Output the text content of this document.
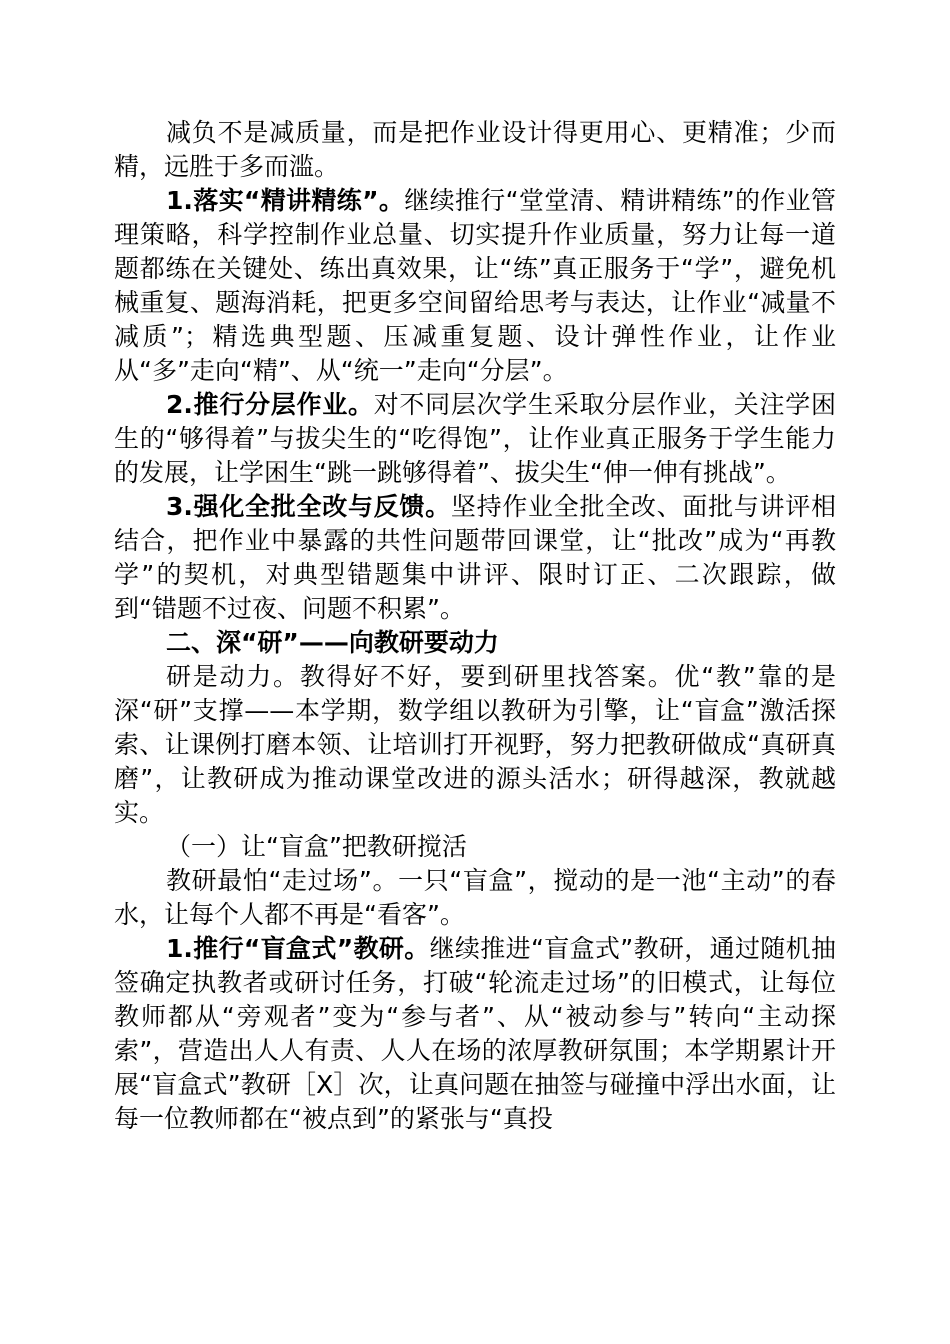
减负不是减质量，而是把作业设计得更用心、更精准；少而精，远胜于多而滥。

1.落实“精讲精练”。继续推行“堂堂清、精讲精练”的作业管理策略，科学控制作业总量、切实提升作业质量，努力让每一道题都练在关键处、练出真效果，让“练”真正服务于“学”，避免机械重复、题海消耗，把更多空间留给思考与表达，让作业“减量不减质”；精选典型题、压减重复题、设计弹性作业，让作业从“多”走向“精”、从“统一”走向“分层”。

2.推行分层作业。对不同层次学生采取分层作业，关注学困生的“够得着”与拔尖生的“吃得饱”，让作业真正服务于学生能力的发展，让学困生“跳一跳够得着”、拔尖生“伸一伸有挑战”。

3.强化全批全改与反馈。坚持作业全批全改、面批与讲评相结合，把作业中暴露的共性问题带回课堂，让“批改”成为“再教学”的契机，对典型错题集中讲评、限时订正、二次跟踪，做到“错题不过夜、问题不积累”。

二、深“研”——向教研要动力

研是动力。教得好不好，要到研里找答案。优“教”靠的是深“研”支撑——本学期，数学组以教研为引擎，让“盲盒”激活探索、让课例打磨本领、让培训打开视野，努力把教研做成“真研真磨”，让教研成为推动课堂改进的源头活水；研得越深，教就越实。

（一）让“盲盒”把教研搅活

教研最怕“走过场”。一只“盲盒”，搅动的是一池“主动”的春水，让每个人都不再是“看客”。

1.推行“盲盒式”教研。继续推进“盲盒式”教研，通过随机抽签确定执教者或研讨任务，打破“轮流走过场”的旧模式，让每位教师都从“旁观者”变为“参与者”、从“被动参与”转向“主动探索”，营造出人人有责、人人在场的浓厚教研氛围；本学期累计开展“盲盒式”教研［X］次，让真问题在抽签与碰撞中浮出水面，让每一位教师都在“被点到”的紧张与“真投
